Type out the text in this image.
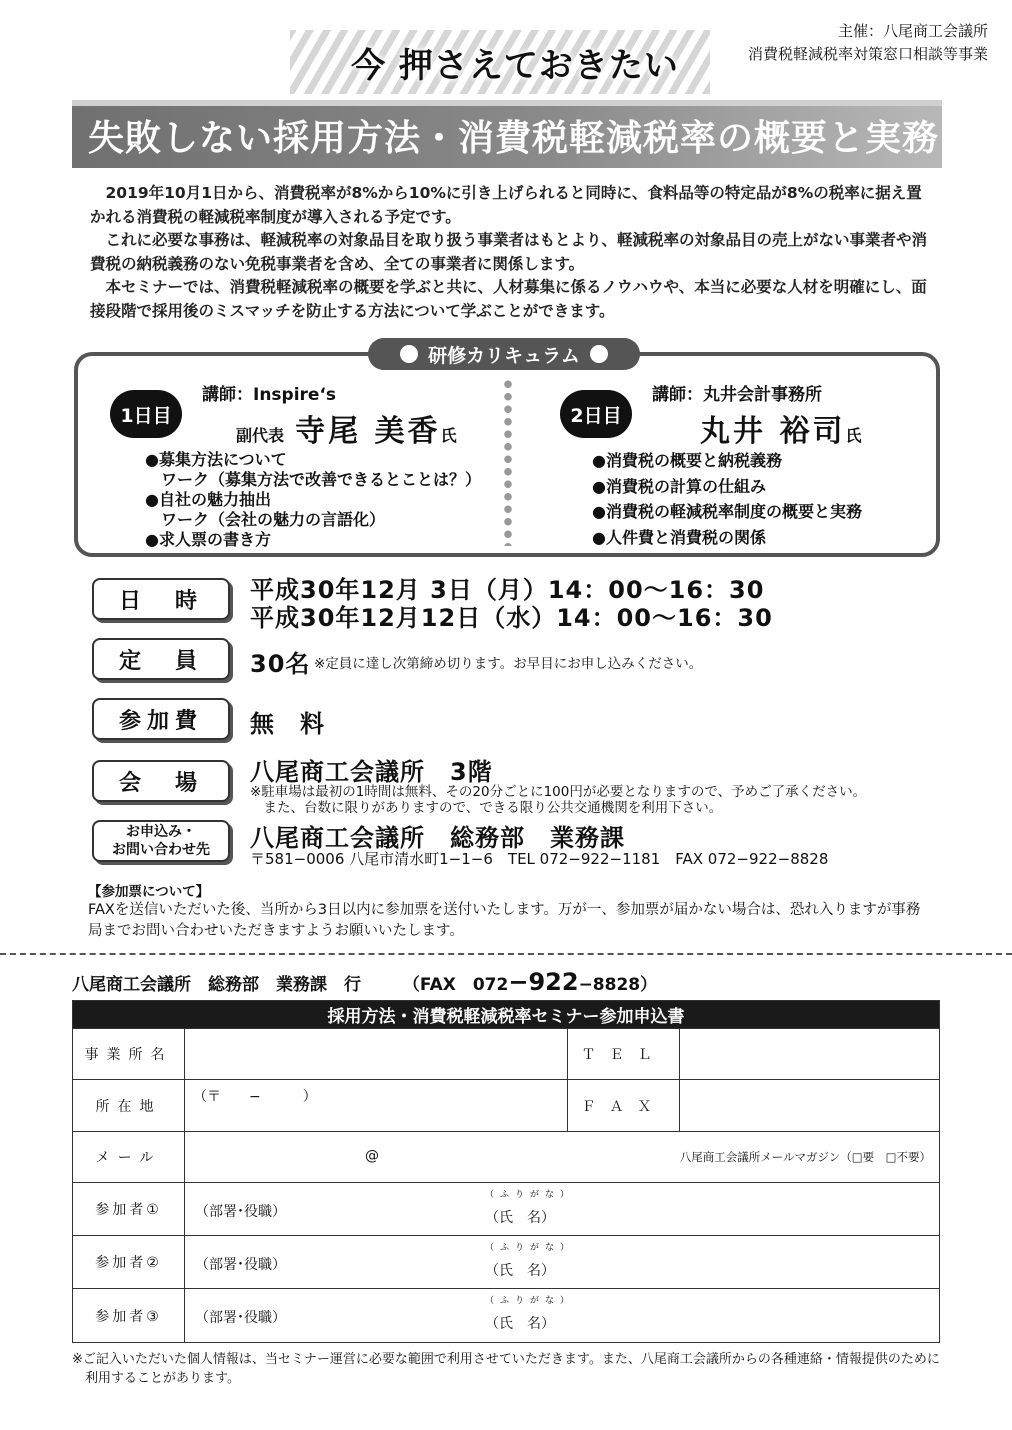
今 押さえておきたい
主催：八尾商工会議所
消費税軽減税率対策窓口相談等事業
失敗しない採用方法・消費税軽減税率の概要と実務

2019年10月1日から、消費税率が8%から10%に引き上げられると同時に、食料品等の特定品が8%の税率に据え置かれる消費税の軽減税率制度が導入される予定です。

これに必要な事務は、軽減税率の対象品目を取り扱う事業者はもとより、軽減税率の対象品目の売上がない事業者や消費税の納税義務のない免税事業者を含め、全ての事業者に関係します。

本セミナーでは、消費税軽減税率の概要を学ぶと共に、人材募集に係るノウハウや、本当に必要な人材を明確にし、面接段階で採用後のミスマッチを防止する方法について学ぶことができます。

研修カリキュラム
1日目
講師：Inspire‘s
副代表 寺尾 美香氏
●募集方法について
　ワーク（募集方法で改善できるとことは？）
●自社の魅力抽出
　ワーク（会社の魅力の言語化）
●求人票の書き方
2日目
講師：丸井会計事務所
丸井 裕司氏
●消費税の概要と納税義務
●消費税の計算の仕組み
●消費税の軽減税率制度の概要と実務
●人件費と消費税の関係
日　時	平成30年12月 3日（月）14：00〜16：30
平成30年12月12日（水）14：00〜16：30
定　員	30名 ※定員に達し次第締め切ります。お早目にお申し込みください。
参加費	無　料
会　場	八尾商工会議所　3階
※駐車場は最初の1時間は無料、その20分ごとに100円が必要となりますので、予めご了承ください。
　また、台数に限りがありますので、できる限り公共交通機関を利用下さい。
お申込み・
お問い合わせ先 八尾商工会議所　総務部　業務課
〒581−0006 八尾市清水町1−1−6　TEL 072−922−1181　FAX 072−922−8828
【参加票について】
FAXを送信いただいた後、当所から3日以内に参加票を送付いたします。万が一、参加票が届かない場合は、恐れ入りますが事務局までお問い合わせいただきますようお願いいたします。
八尾商工会議所　総務部　業務課　行 （FAX　072−922−8828）
採用方法・消費税軽減税率セミナー参加申込書			
事業所名		ＴＥＬ	
所在地	（〒　　−　　　）	ＦＡＸ	
メール	@ 八尾商工会議所メールマガジン（□要　□不要）		

参加者①	（部署･役職）
（ふりがな）
（氏　名）		

参加者②	（部署･役職）
（ふりがな）
（氏　名）		

参加者③	（部署･役職）
（ふりがな）
（氏　名）		
※ご記入いただいた個人情報は、当セミナー運営に必要な範囲で利用させていただきます。また、八尾商工会議所からの各種連絡・情報提供のために
　利用することがあります。
